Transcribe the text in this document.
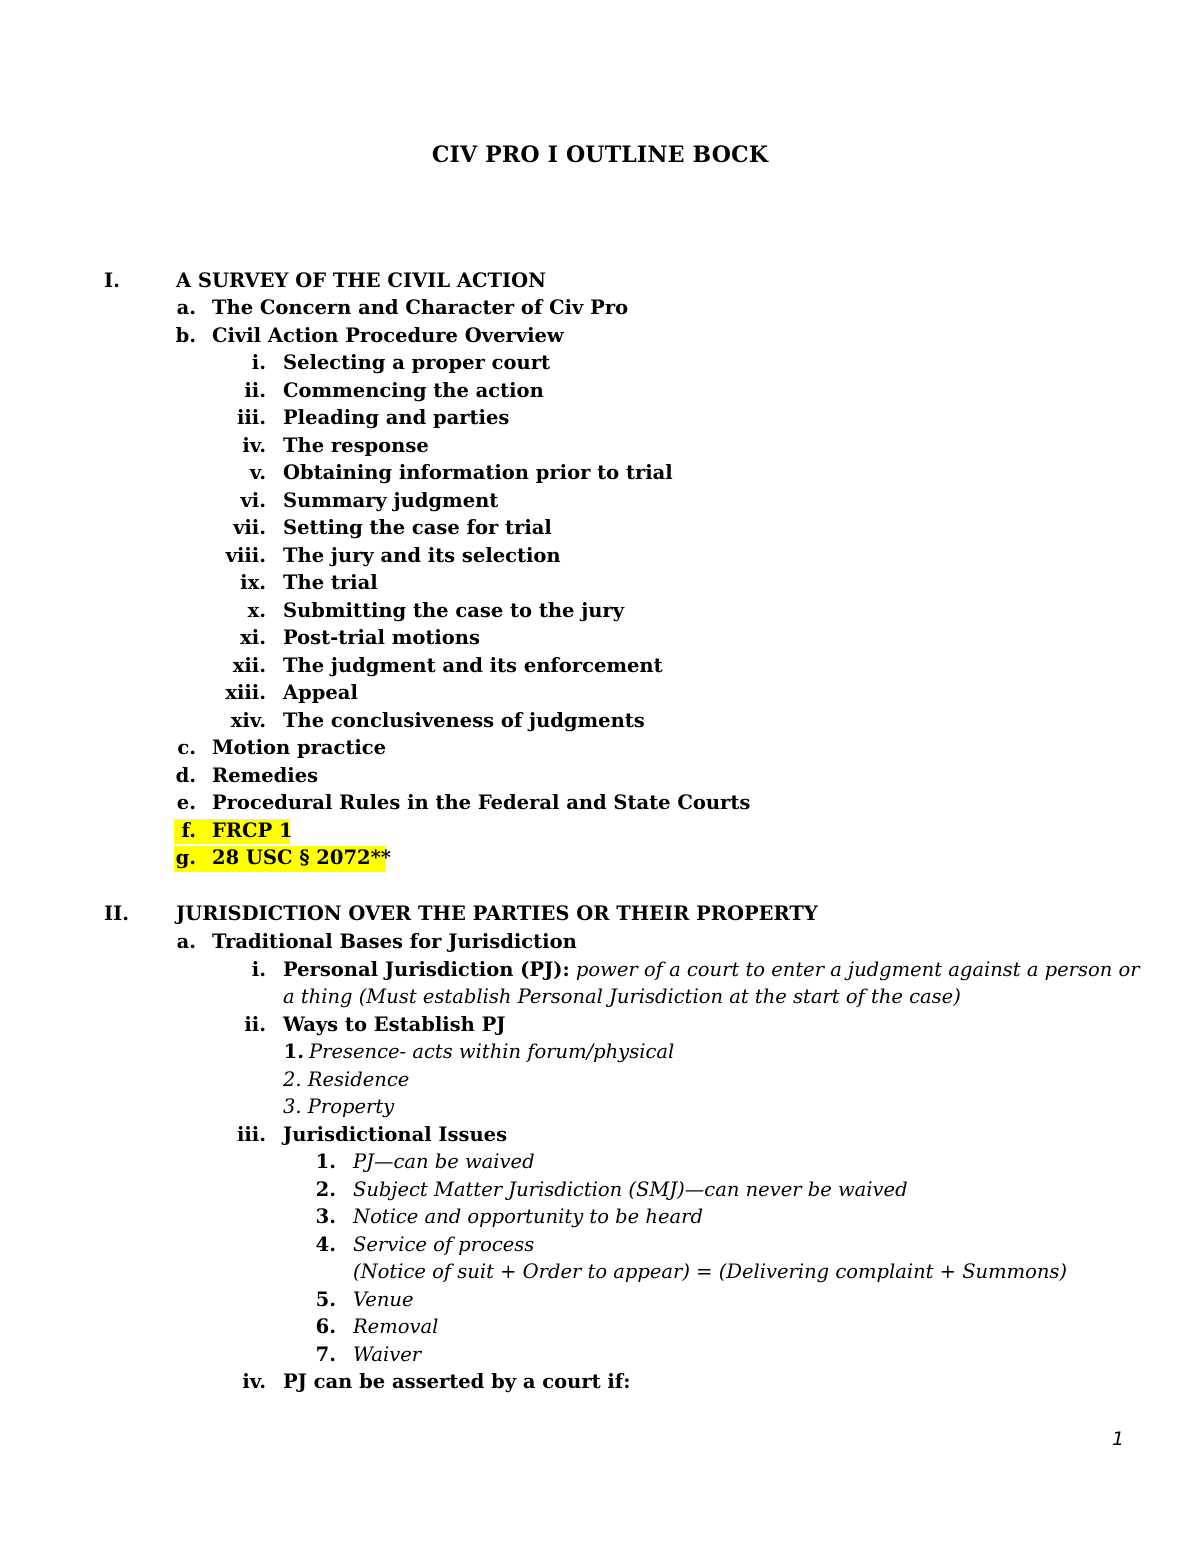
CIV PRO I OUTLINE BOCK
I.	A SURVEY OF THE CIVIL ACTION
a. The Concern and Character of Civ Pro
b. Civil Action Procedure Overview
i. Selecting a proper court
ii. Commencing the action
iii. Pleading and parties
iv. The response
v. Obtaining information prior to trial
vi. Summary judgment
vii. Setting the case for trial
viii. The jury and its selection
ix. The trial
x. Submitting the case to the jury
xi. Post-trial motions
xii. The judgment and its enforcement
xiii. Appeal
xiv. The conclusiveness of judgments
c. Motion practice
d. Remedies
e. Procedural Rules in the Federal and State Courts
f. FRCP 1
g. 28 USC § 2072**
II. JURISDICTION OVER THE PARTIES OR THEIR PROPERTY
a. Traditional Bases for Jurisdiction
i. Personal Jurisdiction (PJ): power of a court to enter a judgment against a person or
a thing (Must establish Personal Jurisdiction at the start of the case)
ii. Ways to Establish PJ
1. Presence- acts within forum/physical
2. Residence
3. Property
iii. Jurisdictional Issues
1. PJ—can be waived
2. Subject Matter Jurisdiction (SMJ)—can never be waived
3. Notice and opportunity to be heard
4. Service of process
(Notice of suit + Order to appear) = (Delivering complaint + Summons)
5. Venue
6. Removal
7. Waiver
iv. PJ can be asserted by a court if:
1
